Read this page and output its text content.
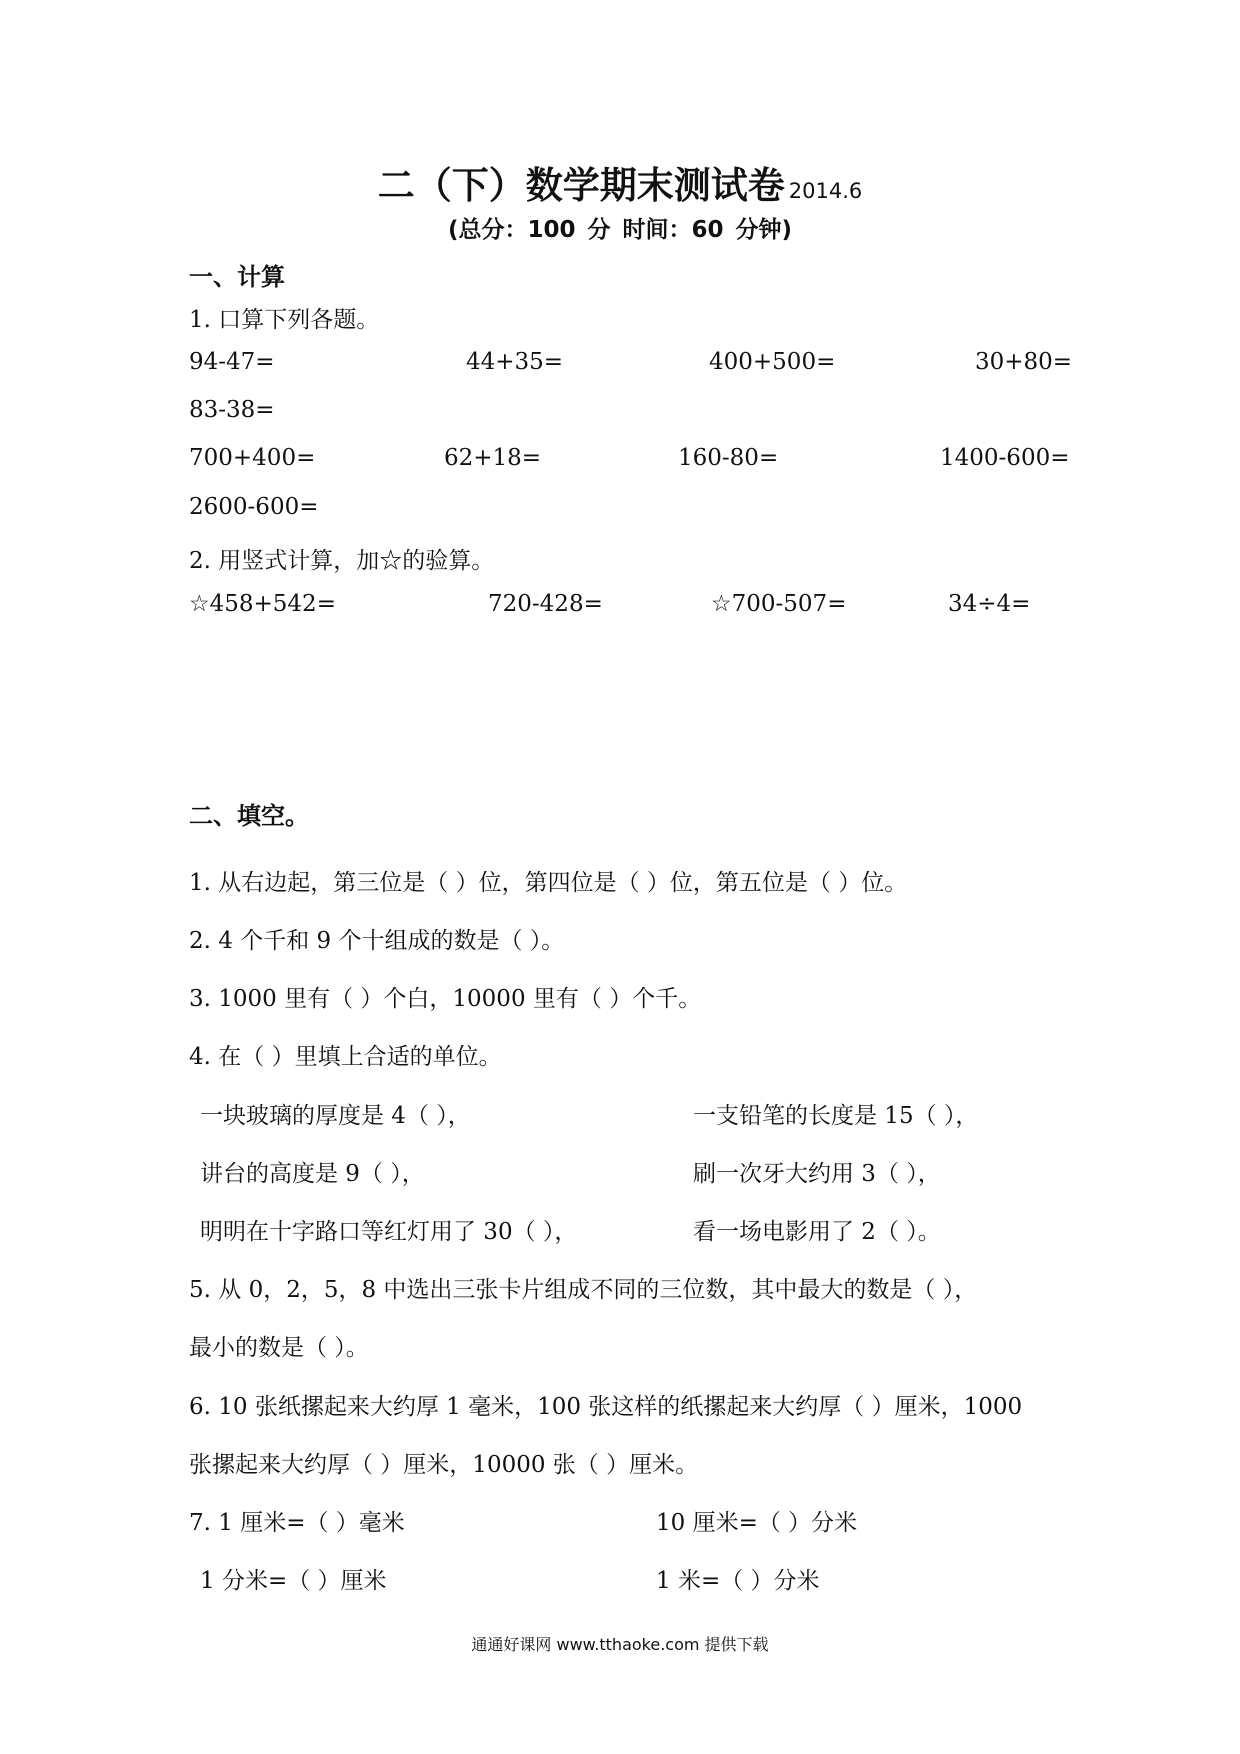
二（下）数学期末测试卷 2014.6
(总分：100 分 时间：60 分钟)
一、计算
1. 口算下列各题。
94-47=	44+35=	400+500=	30+80=
83-38=
700+400=	62+18=	160-80=	1400-600=
2600-600=
2. 用竖式计算，加☆的验算。
☆458+542=	720-428=	☆700-507=	34÷4=
二、填空。
1. 从右边起，第三位是（ ）位，第四位是（ ）位，第五位是（ ）位。
2. 4 个千和 9 个十组成的数是（ ）。
3. 1000 里有（ ）个白，10000 里有（ ）个千。
4. 在（ ）里填上合适的单位。
一块玻璃的厚度是 4（ ），	一支铅笔的长度是 15（ ），
讲台的高度是 9（ ），	刷一次牙大约用 3（ ），
明明在十字路口等红灯用了 30（ ），	看一场电影用了 2（ ）。
5. 从 0，2，5，8 中选出三张卡片组成不同的三位数，其中最大的数是（ ），
最小的数是（ ）。
6. 10 张纸摞起来大约厚 1 毫米，100 张这样的纸摞起来大约厚（ ）厘米，1000
张摞起来大约厚（ ）厘米，10000 张（ ）厘米。
7. 1 厘米=（ ）毫米	10 厘米=（ ）分米
1 分米=（ ）厘米	1 米=（ ）分米
通通好课网 www.tthaoke.com 提供下载
